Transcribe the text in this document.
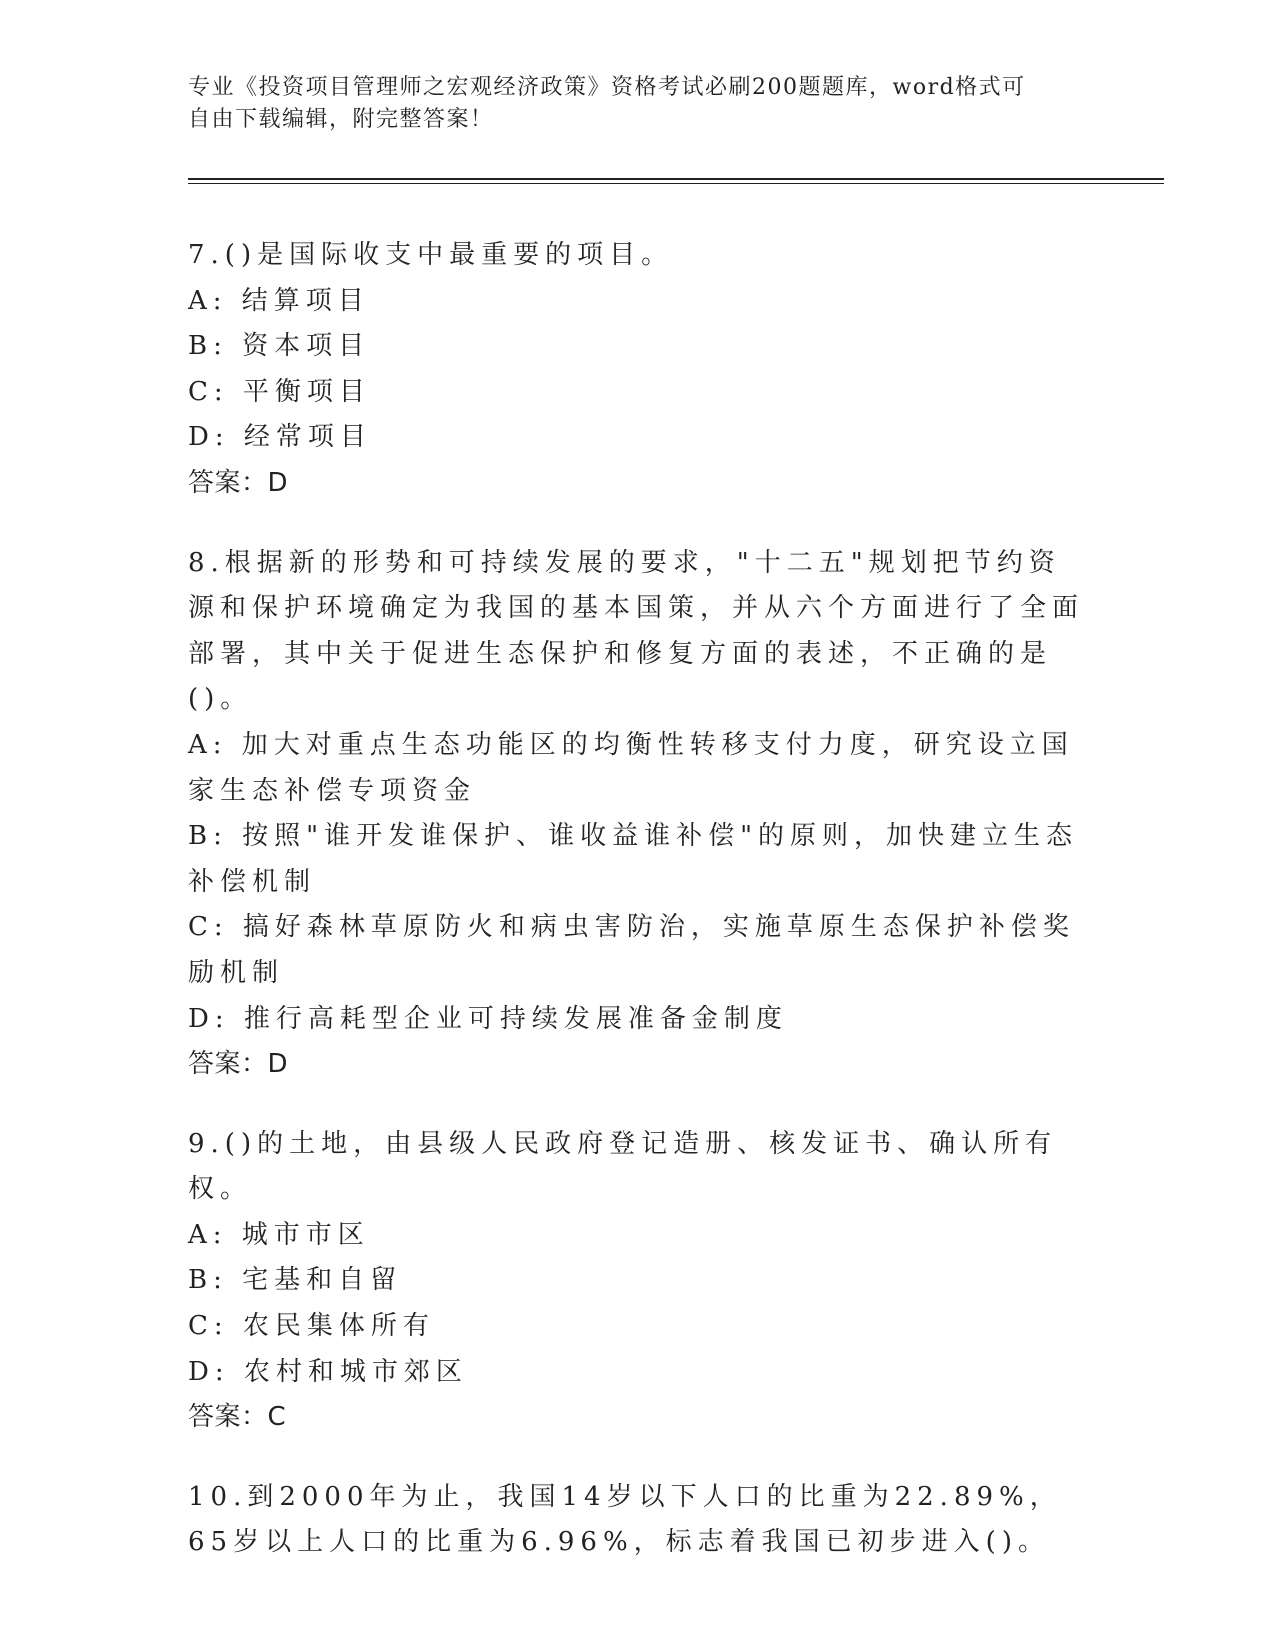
专业《投资项目管理师之宏观经济政策》资格考试必刷200题题库，word格式可
自由下载编辑，附完整答案！
7.()是国际收支中最重要的项目。
A: 结算项目
B: 资本项目
C: 平衡项目
D: 经常项目
答案：D
8.根据新的形势和可持续发展的要求，"十二五"规划把节约资源和保护环境确定为我国的基本国策，并从六个方面进行了全面部署，其中关于促进生态保护和修复方面的表述，不正确的是()。
A: 加大对重点生态功能区的均衡性转移支付力度，研究设立国家生态补偿专项资金
B: 按照"谁开发谁保护、谁收益谁补偿"的原则，加快建立生态补偿机制
C: 搞好森林草原防火和病虫害防治，实施草原生态保护补偿奖励机制
D: 推行高耗型企业可持续发展准备金制度
答案：D
9.()的土地，由县级人民政府登记造册、核发证书、确认所有权。
A: 城市市区
B: 宅基和自留
C: 农民集体所有
D: 农村和城市郊区
答案：C
10.到2000年为止，我国14岁以下人口的比重为22.89%，65岁以上人口的比重为6.96%，标志着我国已初步进入()。
